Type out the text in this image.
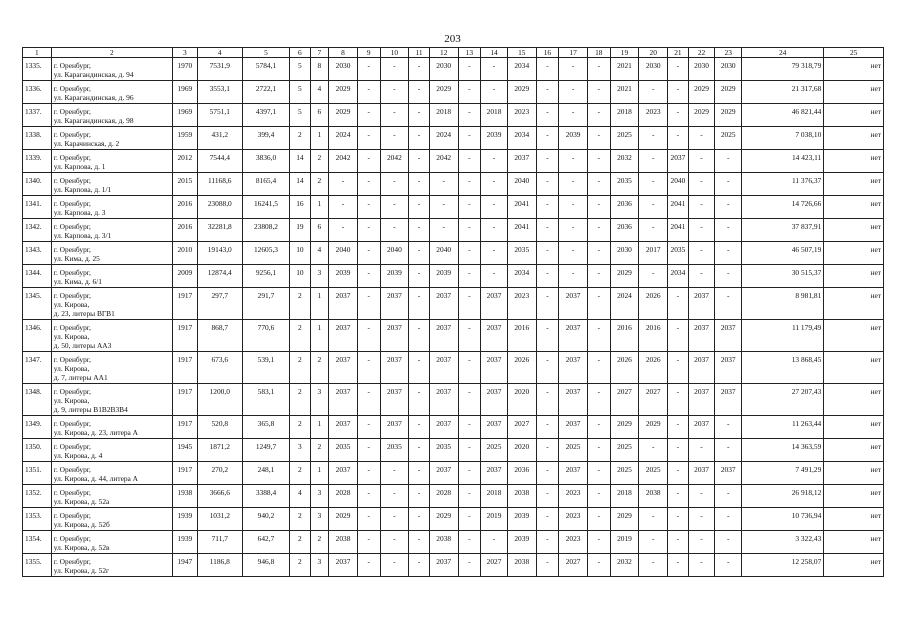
203
1	2	3	4	5	6	7	8	9	10	11	12	13	14	15	16	17	18	19	20	21	22	23	24	25
1335.	г. Оренбург,
ул. Карагандинская, д. 94	1970	7531,9	5784,1	5	8	2030	-	-	-	2030	-	-	2034	-	-	-	2021	2030	-	2030	2030	79 318,79	нет
1336.	г. Оренбург,
ул. Карагандинская, д. 96	1969	3553,1	2722,1	5	4	2029	-	-	-	2029	-	-	2029	-	-	-	2021	-	-	2029	2029	21 317,68	нет
1337.	г. Оренбург,
ул. Карагандинская, д. 98	1969	5751,1	4397,1	5	6	2029	-	-	-	2018	-	2018	2023	-	-	-	2018	2023	-	2029	2029	46 821,44	нет
1338.	г. Оренбург,
ул. Карачинская, д. 2	1959	431,2	399,4	2	1	2024	-	-	-	2024	-	2039	2034	-	2039	-	2025	-	-	-	2025	7 038,10	нет
1339.	г. Оренбург,
ул. Карпова, д. 1	2012	7544,4	3836,0	14	2	2042	-	2042	-	2042	-	-	2037	-	-	-	2032	-	2037	-	-	14 423,11	нет
1340.	г. Оренбург,
ул. Карпова, д. 1/1	2015	11168,6	8165,4	14	2	-	-	-	-	-	-	-	2040	-	-	-	2035	-	2040	-	-	11 376,37	нет
1341.	г. Оренбург,
ул. Карпова, д. 3	2016	23088,0	16241,5	16	1	-	-	-	-	-	-	-	2041	-	-	-	2036	-	2041	-	-	14 726,66	нет
1342.	г. Оренбург,
ул. Карпова, д. 3/1	2016	32281,8	23808,2	19	6	-	-	-	-	-	-	-	2041	-	-	-	2036	-	2041	-	-	37 837,91	нет
1343.	г. Оренбург,
ул. Кима, д. 25	2010	19143,0	12605,3	10	4	2040	-	2040	-	2040	-	-	2035	-	-	-	2030	2017	2035	-	-	46 507,19	нет
1344.	г. Оренбург,
ул. Кима, д. 6/1	2009	12874,4	9256,1	10	3	2039	-	2039	-	2039	-	-	2034	-	-	-	2029	-	2034	-	-	30 515,37	нет
1345.	г. Оренбург,
ул. Кирова,
д. 23, литеры ВГВ1	1917	297,7	291,7	2	1	2037	-	2037	-	2037	-	2037	2023	-	2037	-	2024	2026	-	2037	-	8 981,81	нет
1346.	г. Оренбург,
ул. Кирова,
д. 50, литеры АА3	1917	868,7	770,6	2	1	2037	-	2037	-	2037	-	2037	2016	-	2037	-	2016	2016	-	2037	2037	11 179,49	нет
1347.	г. Оренбург,
ул. Кирова,
д. 7, литеры АА1	1917	673,6	539,1	2	2	2037	-	2037	-	2037	-	2037	2026	-	2037	-	2026	2026	-	2037	2037	13 868,45	нет
1348.	г. Оренбург,
ул. Кирова,
д. 9, литеры В1В2В3В4	1917	1200,0	583,1	2	3	2037	-	2037	-	2037	-	2037	2020	-	2037	-	2027	2027	-	2037	2037	27 207,43	нет
1349.	г. Оренбург,
ул. Кирова, д. 23, литера А	1917	520,8	365,8	2	1	2037	-	2037	-	2037	-	2037	2027	-	2037	-	2029	2029	-	2037	-	11 263,44	нет
1350.	г. Оренбург,
ул. Кирова, д. 4	1945	1871,2	1249,7	3	2	2035	-	2035	-	2035	-	2025	2020	-	2025	-	2025	-	-	-	-	14 363,59	нет
1351.	г. Оренбург,
ул. Кирова, д. 44, литера А	1917	270,2	248,1	2	1	2037	-	-	-	2037	-	2037	2036	-	2037	-	2025	2025	-	2037	2037	7 491,29	нет
1352.	г. Оренбург,
ул. Кирова, д. 52а	1938	3666,6	3388,4	4	3	2028	-	-	-	2028	-	2018	2038	-	2023	-	2018	2038	-	-	-	26 918,12	нет
1353.	г. Оренбург,
ул. Кирова, д. 52б	1939	1031,2	940,2	2	3	2029	-	-	-	2029	-	2019	2039	-	2023	-	2029	-	-	-	-	10 736,94	нет
1354.	г. Оренбург,
ул. Кирова, д. 52в	1939	711,7	642,7	2	2	2038	-	-	-	2038	-	-	2039	-	2023	-	2019	-	-	-	-	3 322,43	нет
1355.	г. Оренбург,
ул. Кирова, д. 52г	1947	1186,8	946,8	2	3	2037	-	-	-	2037	-	2027	2038	-	2027	-	2032	-	-	-	-	12 258,07	нет
